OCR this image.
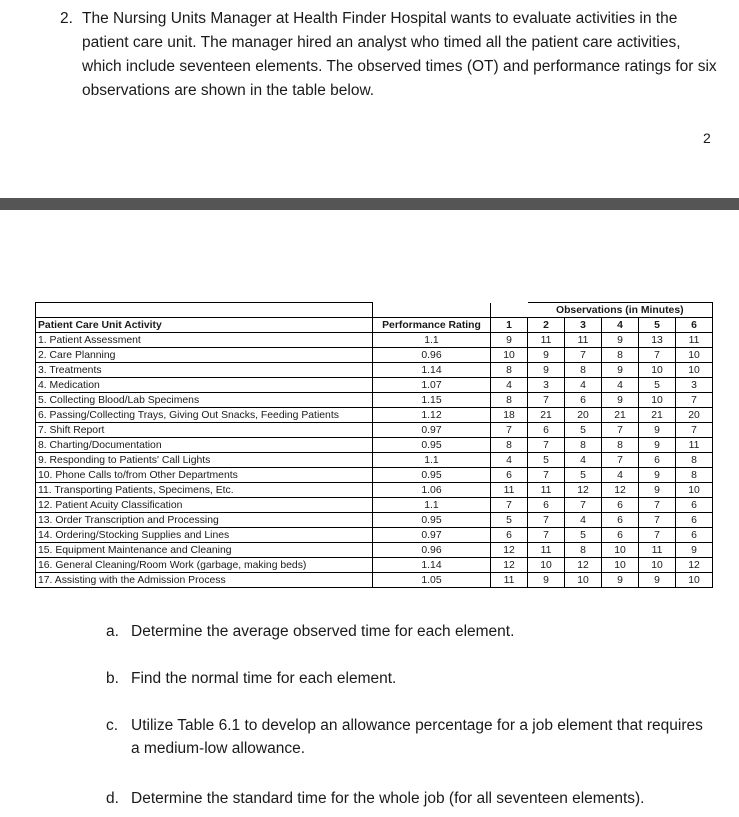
2. The Nursing Units Manager at Health Finder Hospital wants to evaluate activities in the patient care unit. The manager hired an analyst who timed all the patient care activities, which include seventeen elements. The observed times (OT) and performance ratings for six observations are shown in the table below.
2
			Observations (in Minutes)				
Patient Care Unit Activity	Performance Rating	1	2	3	4	5	6
1. Patient Assessment	1.1	9	11	11	9	13	11
2. Care Planning	0.96	10	9	7	8	7	10
3. Treatments	1.14	8	9	8	9	10	10
4. Medication	1.07	4	3	4	4	5	3
5. Collecting Blood/Lab Specimens	1.15	8	7	6	9	10	7
6. Passing/Collecting Trays, Giving Out Snacks, Feeding Patients	1.12	18	21	20	21	21	20
7. Shift Report	0.97	7	6	5	7	9	7
8. Charting/Documentation	0.95	8	7	8	8	9	11
9. Responding to Patients' Call Lights	1.1	4	5	4	7	6	8
10. Phone Calls to/from Other Departments	0.95	6	7	5	4	9	8
11. Transporting Patients, Specimens, Etc.	1.06	11	11	12	12	9	10
12. Patient Acuity Classification	1.1	7	6	7	6	7	6
13. Order Transcription and Processing	0.95	5	7	4	6	7	6
14. Ordering/Stocking Supplies and Lines	0.97	6	7	5	6	7	6
15. Equipment Maintenance and Cleaning	0.96	12	11	8	10	11	9
16. General Cleaning/Room Work (garbage, making beds)	1.14	12	10	12	10	10	12
17. Assisting with the Admission Process	1.05	11	9	10	9	9	10
a. Determine the average observed time for each element.
b. Find the normal time for each element.
c. Utilize Table 6.1 to develop an allowance percentage for a job element that requires a medium-low allowance.
d. Determine the standard time for the whole job (for all seventeen elements).
